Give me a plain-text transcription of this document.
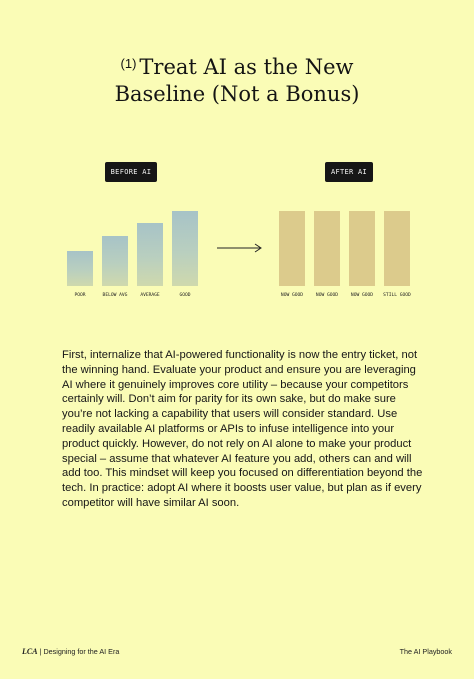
$^{(1)}$ Treat AI as the New
Baseline (Not a Bonus)
BEFORE AI	AFTER AI
POOR	BELOW AVG	AVERAGE	GOOD	NOW GOOD	NOW GOOD	NOW GOOD	STILL GOOD
First, internalize that AI-powered functionality is now the entry ticket, not the winning hand. Evaluate your product and ensure you are leveraging AI where it genuinely improves core utility – because your competitors certainly will. Don’t aim for parity for its own sake, but do make sure you’re not lacking a capability that users will consider standard. Use readily available AI platforms or APIs to infuse intelligence into your product quickly. However, do not rely on AI alone to make your product special – assume that whatever AI feature you add, others can and will add too. This mindset will keep you focused on differentiation beyond the tech. In practice: adopt AI where it boosts user value, but plan as if every competitor will have similar AI soon.
LCA | Designing for the AI Era	The AI Playbook
